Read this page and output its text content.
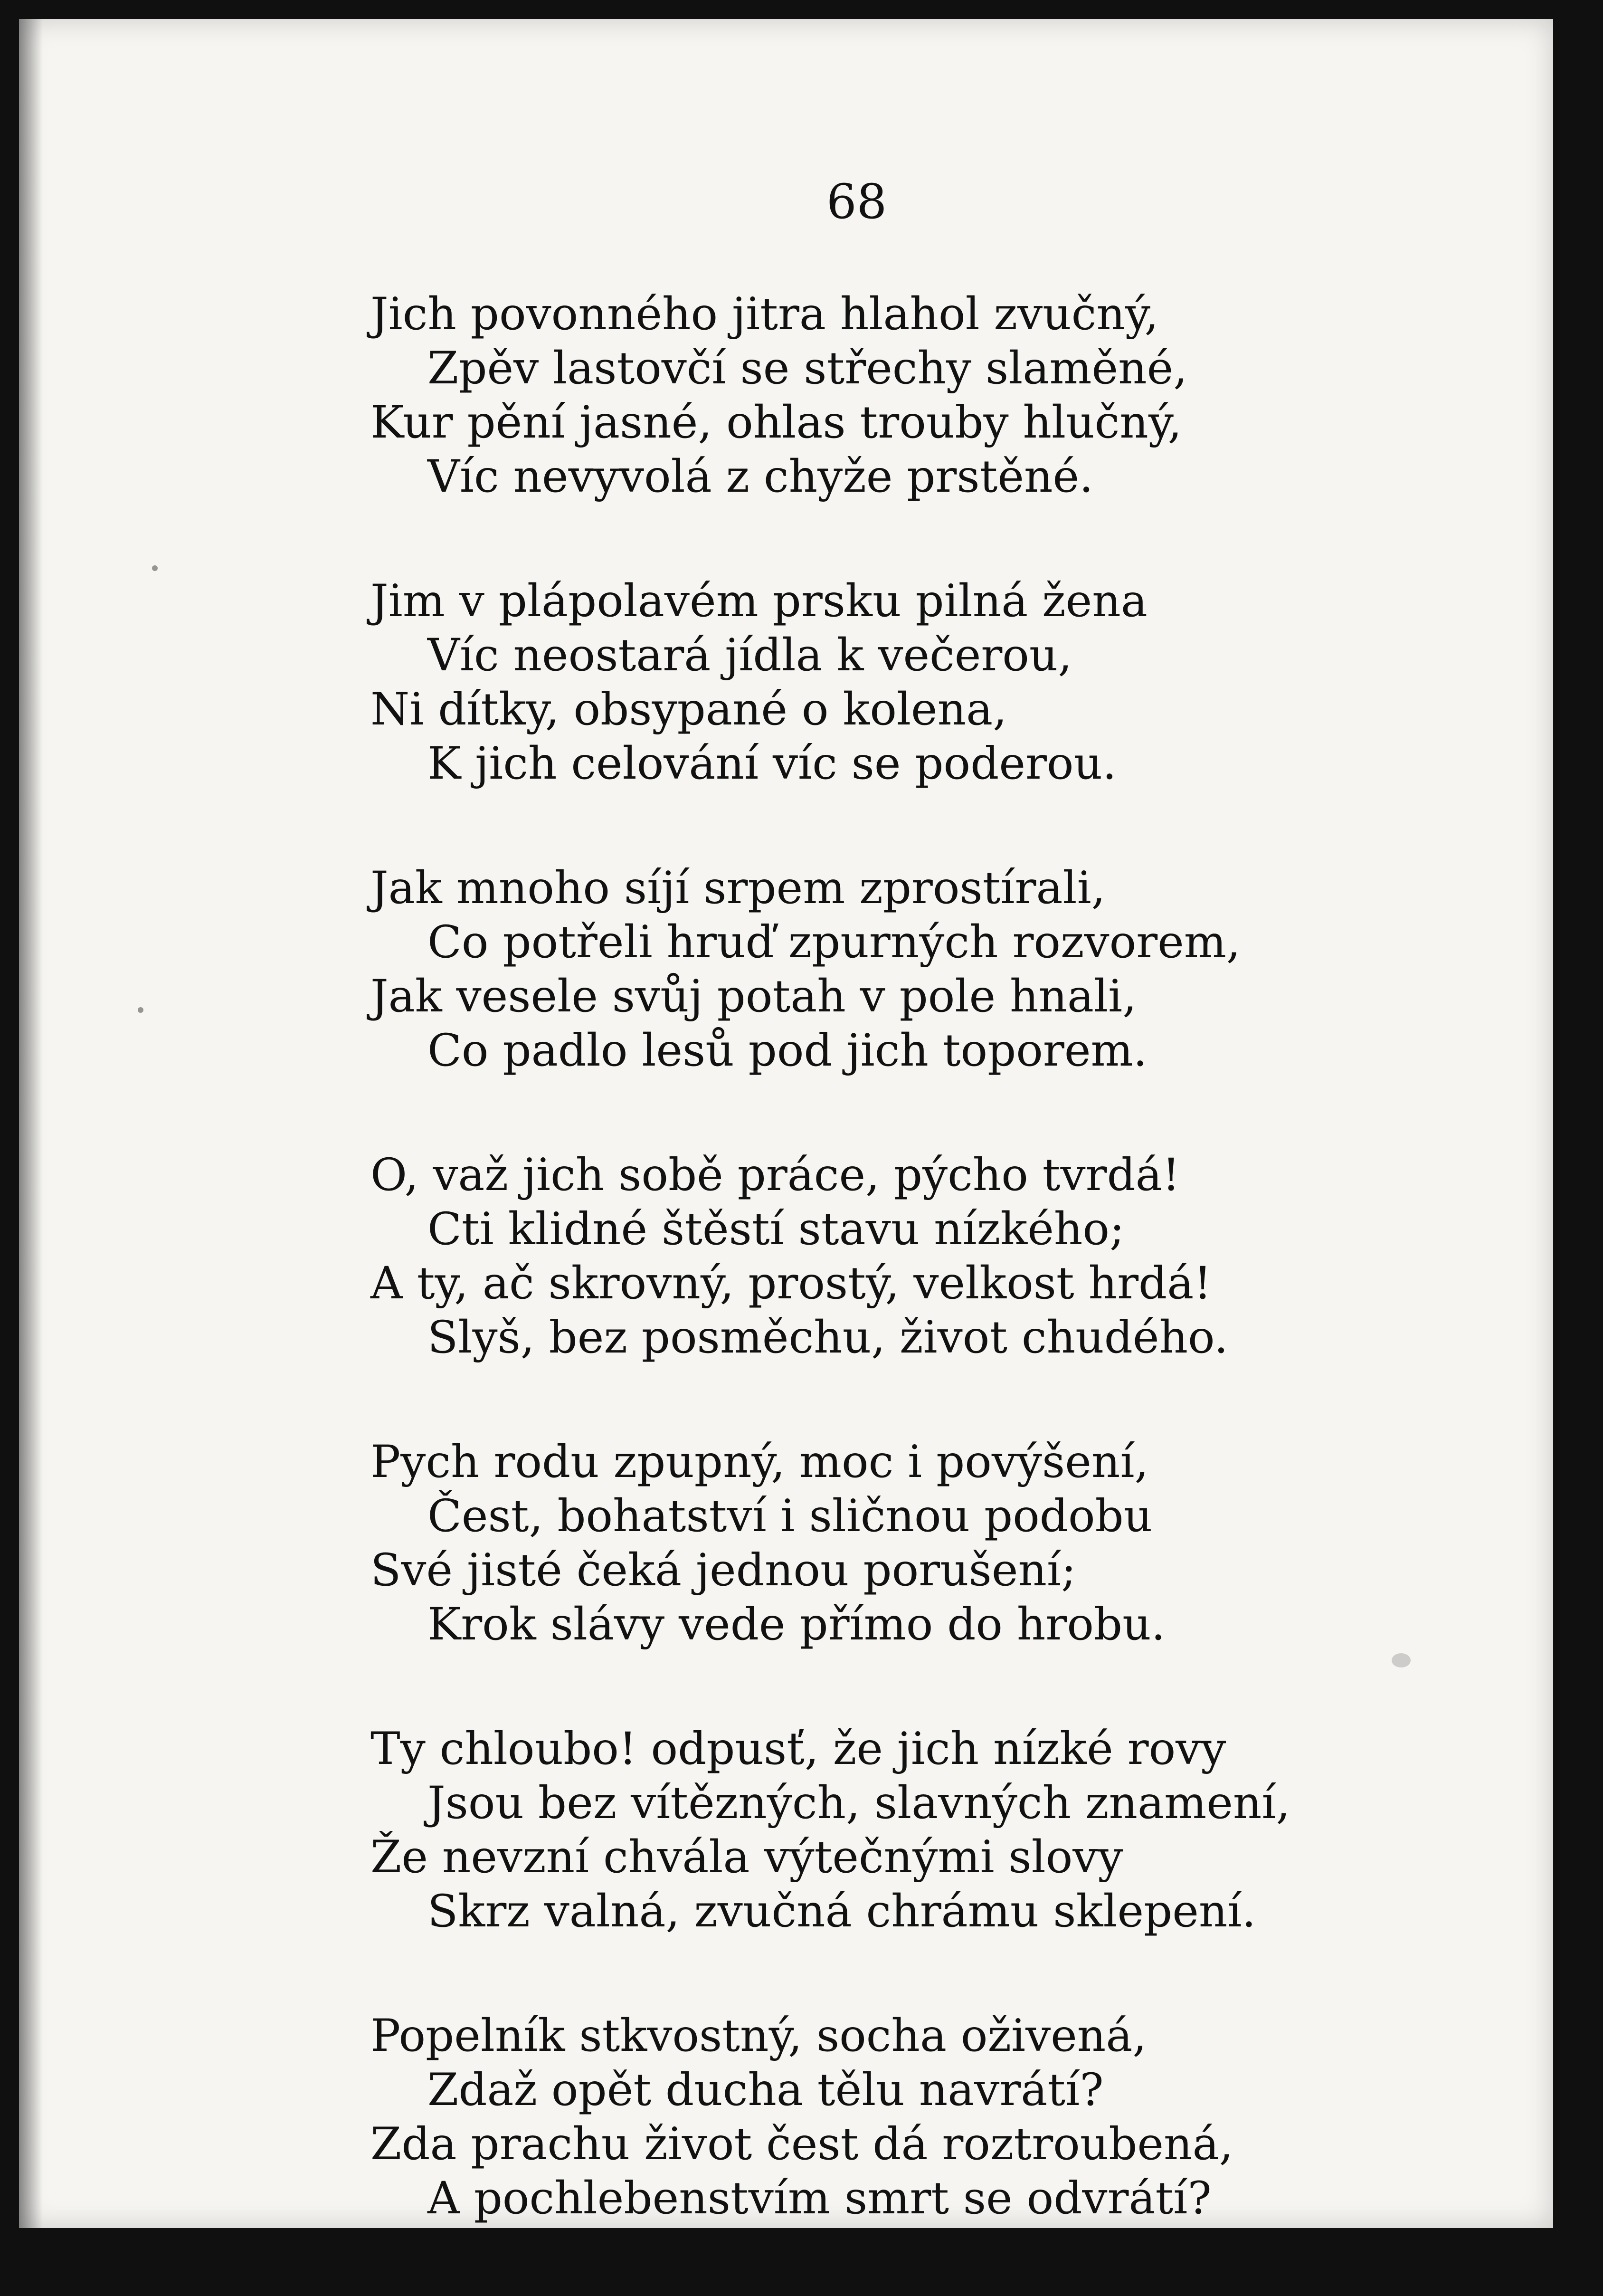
68
Jich povonného jitra hlahol zvučný,
Zpěv lastovčí se střechy slaměné,
Kur pění jasné, ohlas trouby hlučný,
Víc nevyvolá z chyže prstěné.
Jim v plápolavém prsku pilná žena
Víc neostará jídla k večerou,
Ni dítky, obsypané o kolena,
K jich celování víc se poderou.
Jak mnoho síjí srpem zprostírali,
Co potřeli hruď zpurných rozvorem,
Jak vesele svůj potah v pole hnali,
Co padlo lesů pod jich toporem.
O, važ jich sobě práce, pýcho tvrdá!
Cti klidné štěstí stavu nízkého;
A ty, ač skrovný, prostý, velkost hrdá!
Slyš, bez posměchu, život chudého.
Pych rodu zpupný, moc i povýšení,
Čest, bohatství i sličnou podobu
Své jisté čeká jednou porušení;
Krok slávy vede přímo do hrobu.
Ty chloubo! odpusť, že jich nízké rovy
Jsou bez vítězných, slavných znamení,
Že nevzní chvála výtečnými slovy
Skrz valná, zvučná chrámu sklepení.
Popelník stkvostný, socha oživená,
Zdaž opět ducha tělu navrátí?
Zda prachu život čest dá roztroubená,
A pochlebenstvím smrt se odvrátí?
